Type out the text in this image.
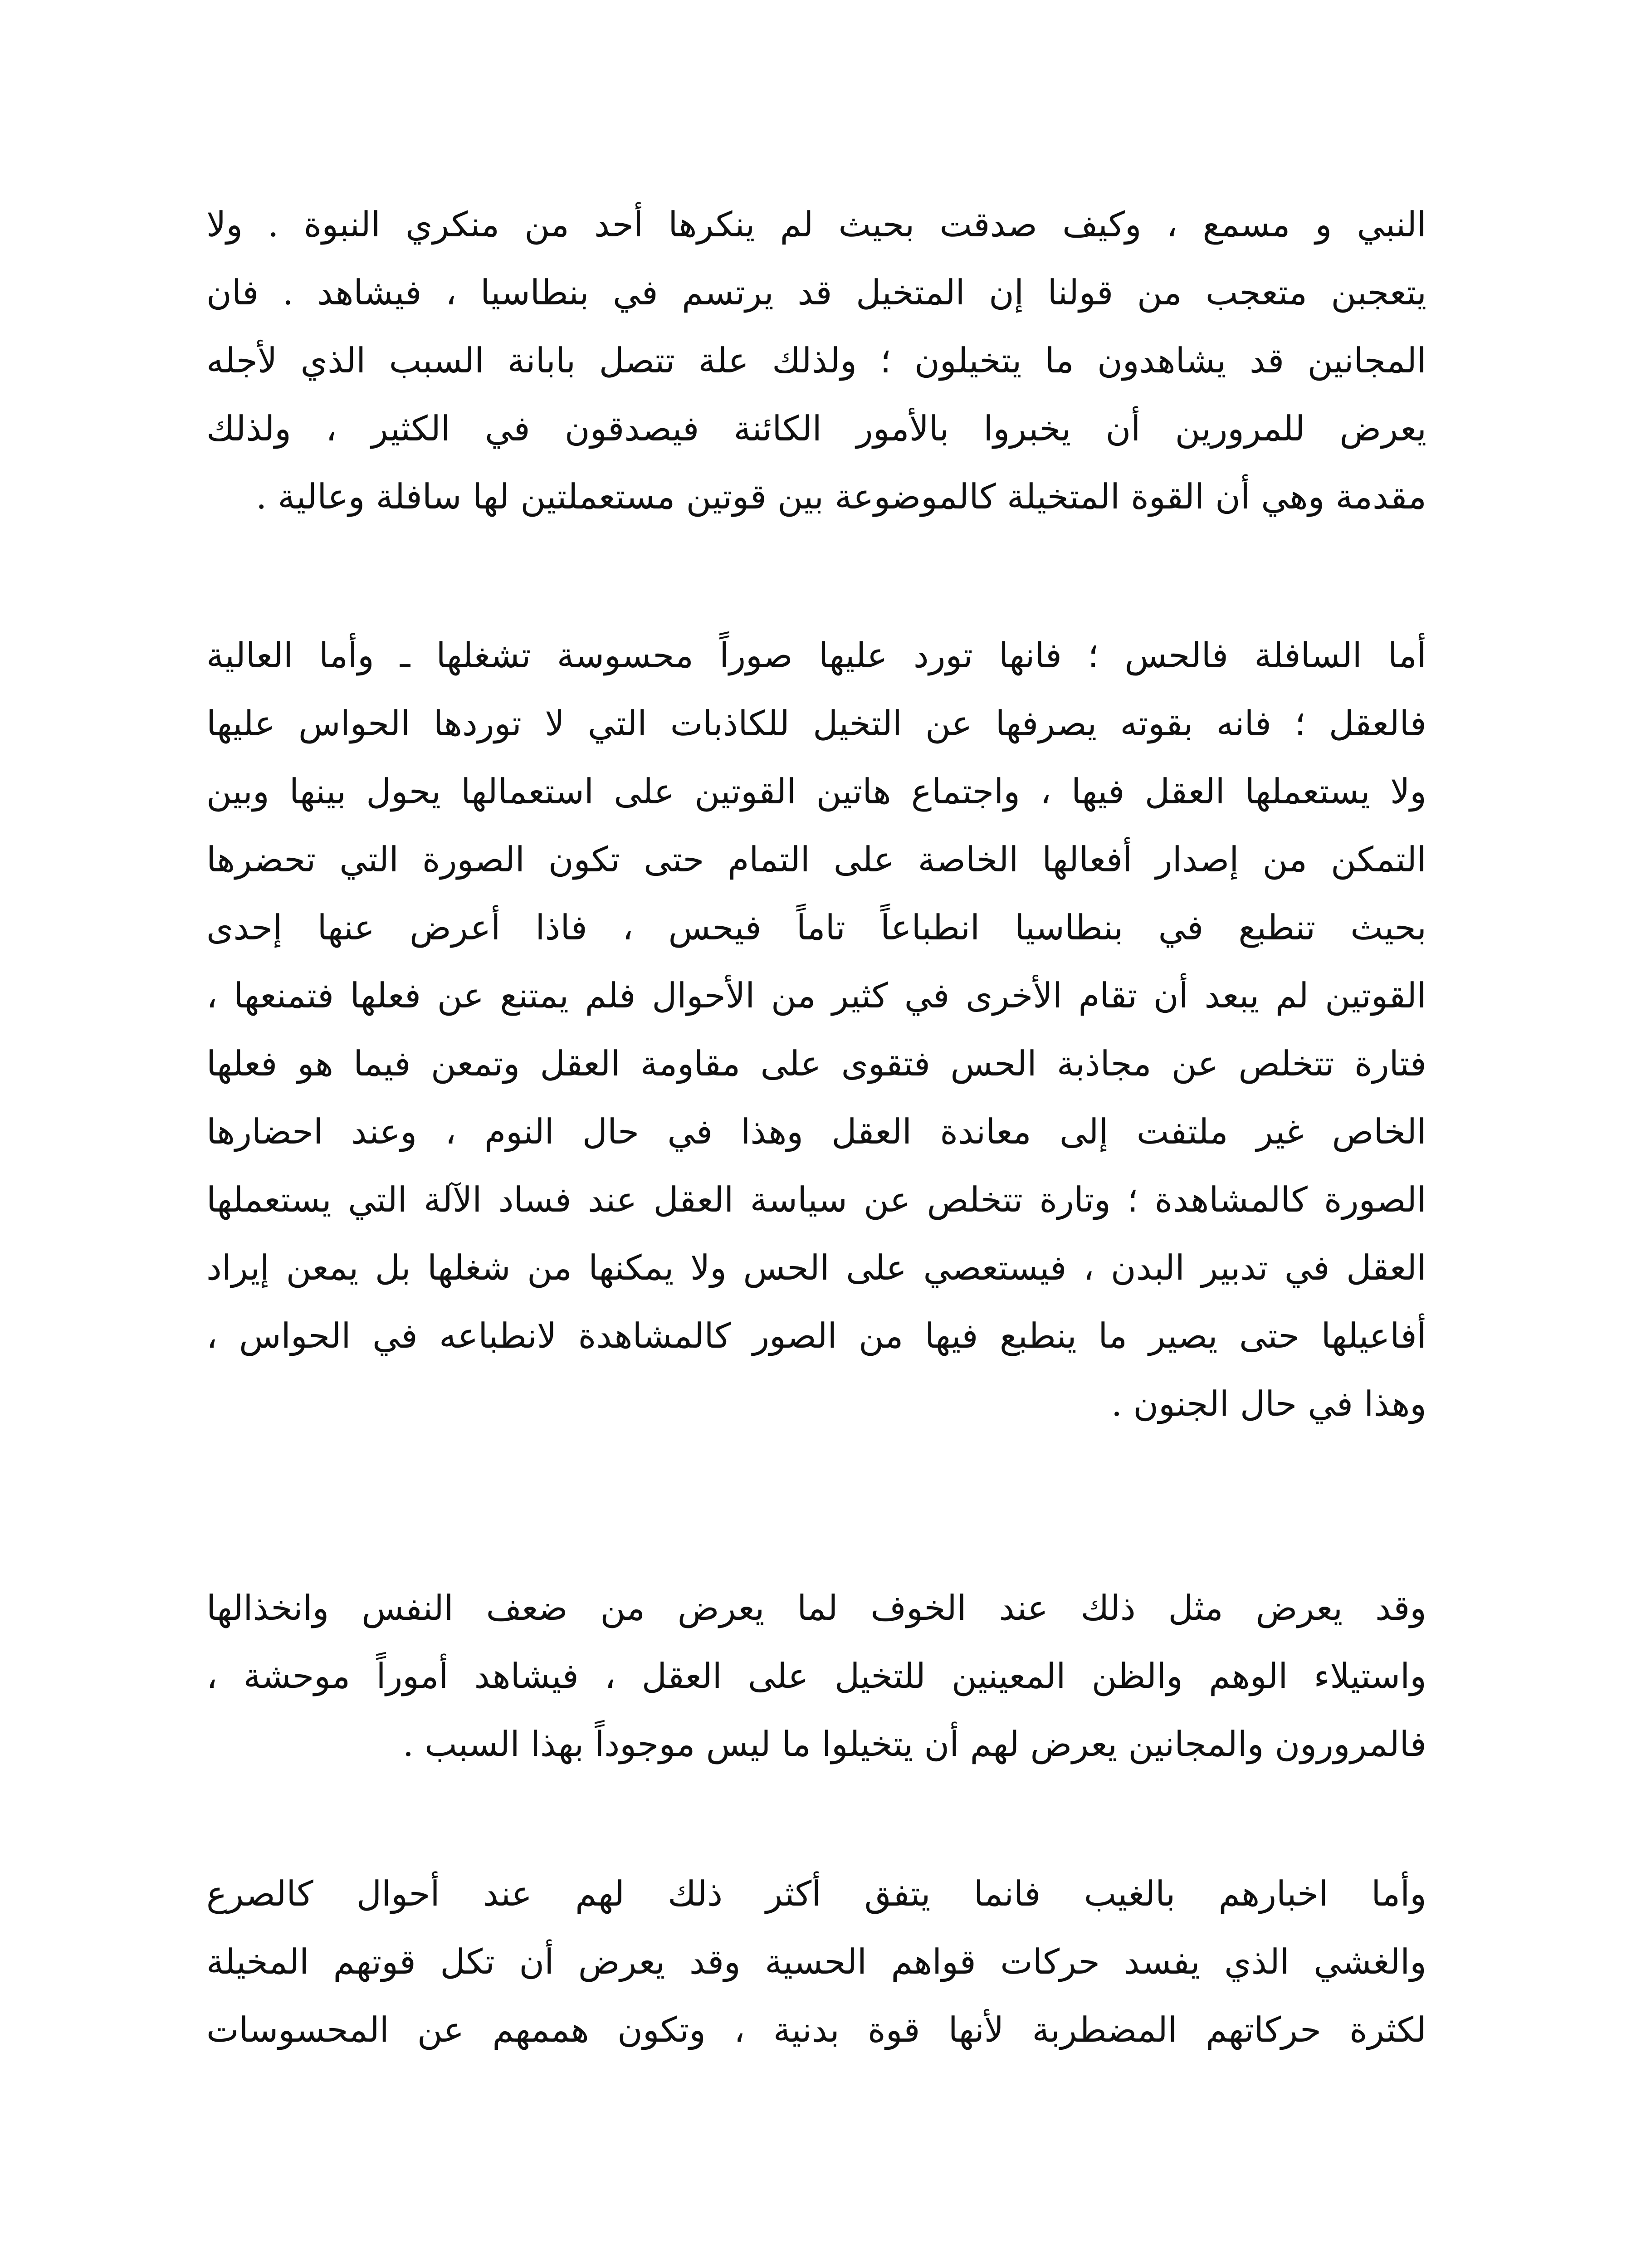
النبي و مسمع ، وكيف صدقت بحيث لم ينكرها أحد من منكري النبوة . ولا
يتعجبن متعجب من قولنا إن المتخيل قد يرتسم في بنطاسيا ، فيشاهد . فان
المجانين قد يشاهدون ما يتخيلون ؛ ولذلك علة تتصل بابانة السبب الذي لأجله
يعرض للمرورين أن يخبروا بالأمور الكائنة فيصدقون في الكثير ، ولذلك
مقدمة وهي أن القوة المتخيلة كالموضوعة بين قوتين مستعملتين لها سافلة وعالية .
أما السافلة فالحس ؛ فانها تورد عليها صوراً محسوسة تشغلها ـ وأما العالية
فالعقل ؛ فانه بقوته يصرفها عن التخيل للكاذبات التي لا توردها الحواس عليها
ولا يستعملها العقل فيها ، واجتماع هاتين القوتين على استعمالها يحول بينها وبين
التمكن من إصدار أفعالها الخاصة على التمام حتى تكون الصورة التي تحضرها
بحيث تنطبع في بنطاسيا انطباعاً تاماً فيحس ، فاذا أعرض عنها إحدى
القوتين لم يبعد أن تقام الأخرى في كثير من الأحوال فلم يمتنع عن فعلها فتمنعها ،
فتارة تتخلص عن مجاذبة الحس فتقوى على مقاومة العقل وتمعن فيما هو فعلها
الخاص غير ملتفت إلى معاندة العقل وهذا في حال النوم ، وعند احضارها
الصورة كالمشاهدة ؛ وتارة تتخلص عن سياسة العقل عند فساد الآلة التي يستعملها
العقل في تدبير البدن ، فيستعصي على الحس ولا يمكنها من شغلها بل يمعن إيراد
أفاعيلها حتى يصير ما ينطبع فيها من الصور كالمشاهدة لانطباعه في الحواس ،
وهذا في حال الجنون .
وقد يعرض مثل ذلك عند الخوف لما يعرض من ضعف النفس وانخذالها
واستيلاء الوهم والظن المعينين للتخيل على العقل ، فيشاهد أموراً موحشة ،
فالمرورون والمجانين يعرض لهم أن يتخيلوا ما ليس موجوداً بهذا السبب .
وأما اخبارهم بالغيب فانما يتفق أكثر ذلك لهم عند أحوال كالصرع
والغشي الذي يفسد حركات قواهم الحسية وقد يعرض أن تكل قوتهم المخيلة
لكثرة حركاتهم المضطربة لأنها قوة بدنية ، وتكون هممهم عن المحسوسات
